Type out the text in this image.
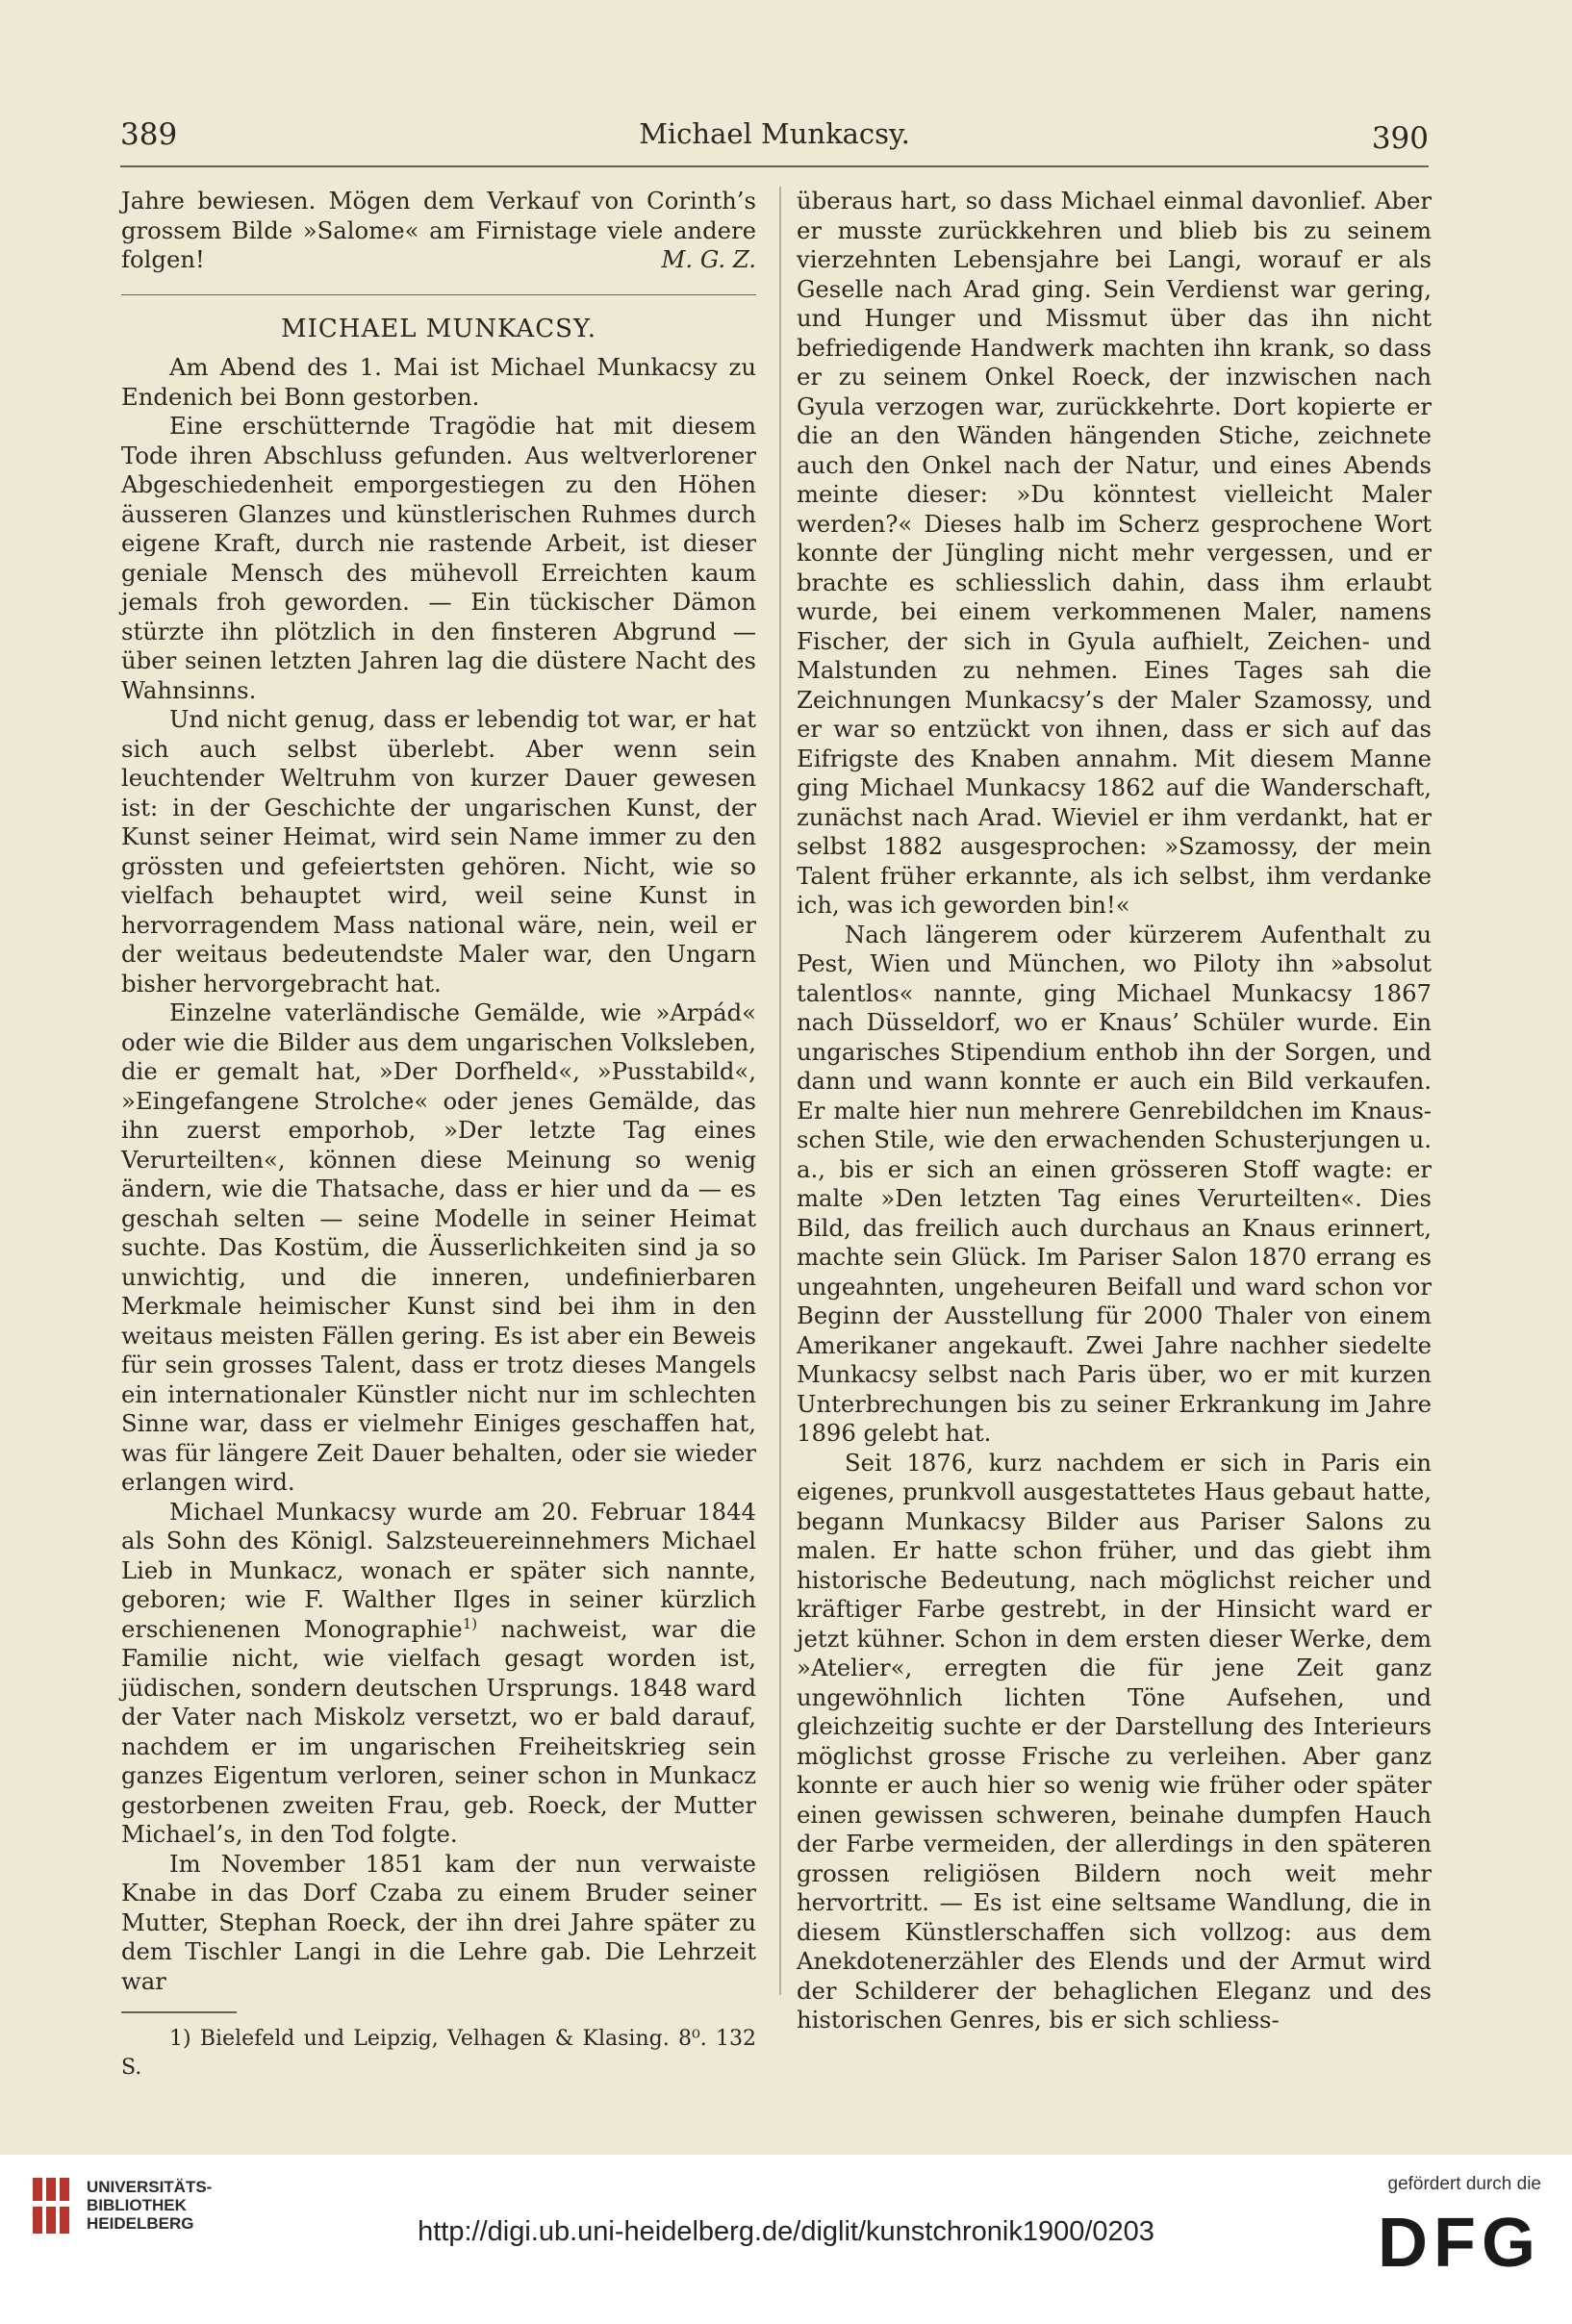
389	Michael Munkacsy.	390

Jahre bewiesen. Mögen dem Verkauf von Corinth’s grossem Bilde »Salome« am Firnistage viele andere folgen!	M. G. Z.

MICHAEL MUNKACSY.

Am Abend des 1. Mai ist Michael Munkacsy zu Endenich bei Bonn gestorben.

Eine erschütternde Tragödie hat mit diesem Tode ihren Abschluss gefunden. Aus weltverlorener Abgeschiedenheit emporgestiegen zu den Höhen äusseren Glanzes und künstlerischen Ruhmes durch eigene Kraft, durch nie rastende Arbeit, ist dieser geniale Mensch des mühevoll Erreichten kaum jemals froh geworden. — Ein tückischer Dämon stürzte ihn plötzlich in den finsteren Abgrund — über seinen letzten Jahren lag die düstere Nacht des Wahnsinns.

Und nicht genug, dass er lebendig tot war, er hat sich auch selbst überlebt. Aber wenn sein leuchtender Weltruhm von kurzer Dauer gewesen ist: in der Geschichte der ungarischen Kunst, der Kunst seiner Heimat, wird sein Name immer zu den grössten und gefeiertsten gehören. Nicht, wie so vielfach behauptet wird, weil seine Kunst in hervorragendem Mass national wäre, nein, weil er der weitaus bedeutendste Maler war, den Ungarn bisher hervorgebracht hat.

Einzelne vaterländische Gemälde, wie »Arpád« oder wie die Bilder aus dem ungarischen Volksleben, die er gemalt hat, »Der Dorfheld«, »Pusstabild«, »Eingefangene Strolche« oder jenes Gemälde, das ihn zuerst emporhob, »Der letzte Tag eines Verurteilten«, können diese Meinung so wenig ändern, wie die Thatsache, dass er hier und da — es geschah selten — seine Modelle in seiner Heimat suchte. Das Kostüm, die Äusserlichkeiten sind ja so unwichtig, und die inneren, undefinierbaren Merkmale heimischer Kunst sind bei ihm in den weitaus meisten Fällen gering. Es ist aber ein Beweis für sein grosses Talent, dass er trotz dieses Mangels ein internationaler Künstler nicht nur im schlechten Sinne war, dass er vielmehr Einiges geschaffen hat, was für längere Zeit Dauer behalten, oder sie wieder erlangen wird.

Michael Munkacsy wurde am 20. Februar 1844 als Sohn des Königl. Salzsteuereinnehmers Michael Lieb in Munkacz, wonach er später sich nannte, geboren; wie F. Walther Ilges in seiner kürzlich erschienenen Monographie$^{1)}$ nachweist, war die Familie nicht, wie vielfach gesagt worden ist, jüdischen, sondern deutschen Ursprungs. 1848 ward der Vater nach Miskolz versetzt, wo er bald darauf, nachdem er im ungarischen Freiheitskrieg sein ganzes Eigentum verloren, seiner schon in Munkacz gestorbenen zweiten Frau, geb. Roeck, der Mutter Michael’s, in den Tod folgte.

Im November 1851 kam der nun verwaiste Knabe in das Dorf Czaba zu einem Bruder seiner Mutter, Stephan Roeck, der ihn drei Jahre später zu dem Tischler Langi in die Lehre gab. Die Lehrzeit war

1) Bielefeld und Leipzig, Velhagen & Klasing. 8⁰. 132 S.

überaus hart, so dass Michael einmal davonlief. Aber er musste zurückkehren und blieb bis zu seinem vierzehnten Lebensjahre bei Langi, worauf er als Geselle nach Arad ging. Sein Verdienst war gering, und Hunger und Missmut über das ihn nicht befriedigende Handwerk machten ihn krank, so dass er zu seinem Onkel Roeck, der inzwischen nach Gyula verzogen war, zurückkehrte. Dort kopierte er die an den Wänden hängenden Stiche, zeichnete auch den Onkel nach der Natur, und eines Abends meinte dieser: »Du könntest vielleicht Maler werden?« Dieses halb im Scherz gesprochene Wort konnte der Jüngling nicht mehr vergessen, und er brachte es schliesslich dahin, dass ihm erlaubt wurde, bei einem verkommenen Maler, namens Fischer, der sich in Gyula aufhielt, Zeichen- und Malstunden zu nehmen. Eines Tages sah die Zeichnungen Munkacsy’s der Maler Szamossy, und er war so entzückt von ihnen, dass er sich auf das Eifrigste des Knaben annahm. Mit diesem Manne ging Michael Munkacsy 1862 auf die Wanderschaft, zunächst nach Arad. Wieviel er ihm verdankt, hat er selbst 1882 ausgesprochen: »Szamossy, der mein Talent früher erkannte, als ich selbst, ihm verdanke ich, was ich geworden bin!«

Nach längerem oder kürzerem Aufenthalt zu Pest, Wien und München, wo Piloty ihn »absolut talentlos« nannte, ging Michael Munkacsy 1867 nach Düsseldorf, wo er Knaus’ Schüler wurde. Ein ungarisches Stipendium enthob ihn der Sorgen, und dann und wann konnte er auch ein Bild verkaufen. Er malte hier nun mehrere Genrebildchen im Knaus-schen Stile, wie den erwachenden Schusterjungen u. a., bis er sich an einen grösseren Stoff wagte: er malte »Den letzten Tag eines Verurteilten«. Dies Bild, das freilich auch durchaus an Knaus erinnert, machte sein Glück. Im Pariser Salon 1870 errang es ungeahnten, ungeheuren Beifall und ward schon vor Beginn der Ausstellung für 2000 Thaler von einem Amerikaner angekauft. Zwei Jahre nachher siedelte Munkacsy selbst nach Paris über, wo er mit kurzen Unterbrechungen bis zu seiner Erkrankung im Jahre 1896 gelebt hat.

Seit 1876, kurz nachdem er sich in Paris ein eigenes, prunkvoll ausgestattetes Haus gebaut hatte, begann Munkacsy Bilder aus Pariser Salons zu malen. Er hatte schon früher, und das giebt ihm historische Bedeutung, nach möglichst reicher und kräftiger Farbe gestrebt, in der Hinsicht ward er jetzt kühner. Schon in dem ersten dieser Werke, dem »Atelier«, erregten die für jene Zeit ganz ungewöhnlich lichten Töne Aufsehen, und gleichzeitig suchte er der Darstellung des Interieurs möglichst grosse Frische zu verleihen. Aber ganz konnte er auch hier so wenig wie früher oder später einen gewissen schweren, beinahe dumpfen Hauch der Farbe vermeiden, der allerdings in den späteren grossen religiösen Bildern noch weit mehr hervortritt. — Es ist eine seltsame Wandlung, die in diesem Künstlerschaffen sich vollzog: aus dem Anekdotenerzähler des Elends und der Armut wird der Schilderer der behaglichen Eleganz und des historischen Genres, bis er sich schliess-

UNIVERSITÄTS-
BIBLIOTHEK
HEIDELBERG	http://digi.ub.uni-heidelberg.de/diglit/kunstchronik1900/0203
gefördert durch die
DFG
